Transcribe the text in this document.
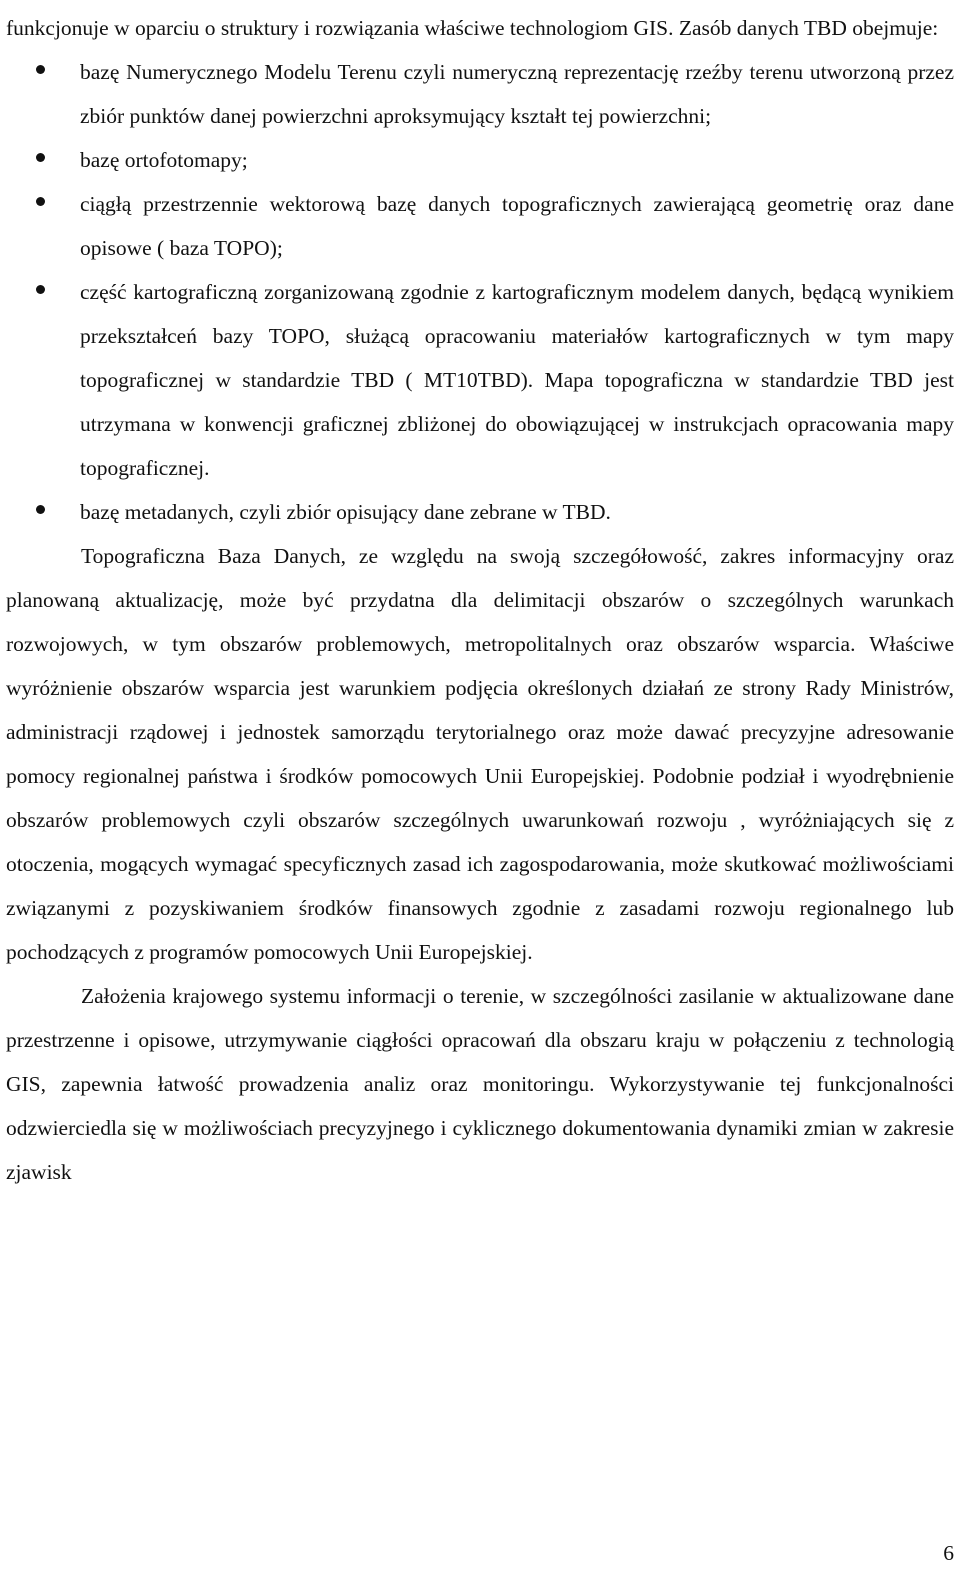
funkcjonuje w oparciu o struktury i rozwiązania właściwe technologiom GIS. Zasób danych TBD obejmuje:

bazę Numerycznego Modelu Terenu czyli numeryczną reprezentację rzeźby terenu utworzoną przez zbiór punktów danej powierzchni aproksymujący kształt tej powierzchni;
bazę ortofotomapy;
ciągłą przestrzennie wektorową bazę danych topograficznych zawierającą geometrię oraz dane opisowe ( baza TOPO);
część kartograficzną zorganizowaną zgodnie z kartograficznym modelem danych, będącą wynikiem przekształceń bazy TOPO, służącą opracowaniu materiałów kartograficznych w tym mapy topograficznej w standardzie TBD ( MT10TBD). Mapa topograficzna w standardzie TBD jest utrzymana w konwencji graficznej zbliżonej do obowiązującej w instrukcjach opracowania mapy topograficznej.
bazę metadanych, czyli zbiór opisujący dane zebrane w TBD.

Topograficzna Baza Danych, ze względu na swoją szczegółowość, zakres informacyjny oraz planowaną aktualizację, może być przydatna dla delimitacji obszarów o szczególnych warunkach rozwojowych, w tym obszarów problemowych, metropolitalnych oraz obszarów wsparcia. Właściwe wyróżnienie obszarów wsparcia jest warunkiem podjęcia określonych działań ze strony Rady Ministrów, administracji rządowej i jednostek samorządu terytorialnego oraz może dawać precyzyjne adresowanie pomocy regionalnej państwa i środków pomocowych Unii Europejskiej. Podobnie podział i wyodrębnienie obszarów problemowych czyli obszarów szczególnych uwarunkowań rozwoju , wyróżniających się z otoczenia, mogących wymagać specyficznych zasad ich zagospodarowania, może skutkować możliwościami związanymi z pozyskiwaniem środków finansowych zgodnie z zasadami rozwoju regionalnego lub pochodzących z programów pomocowych Unii Europejskiej.

Założenia krajowego systemu informacji o terenie, w szczególności zasilanie w aktualizowane dane przestrzenne i opisowe, utrzymywanie ciągłości opracowań dla obszaru kraju w połączeniu z technologią GIS, zapewnia łatwość prowadzenia analiz oraz monitoringu. Wykorzystywanie tej funkcjonalności odzwierciedla się w możliwościach precyzyjnego i cyklicznego dokumentowania dynamiki zmian w zakresie zjawisk

6
